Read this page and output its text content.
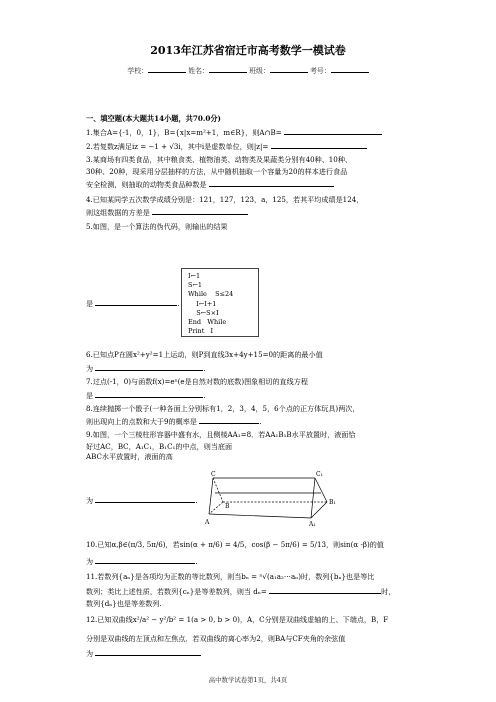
2013年江苏省宿迁市高考数学一模试卷
学校：	姓名：	班级：	考号：
一、填空题(本大题共14小题，共70.0分)
1.集合A={-1，0，1}，B={x|x=m²+1，m∈R}，则A∩B=
2.若复数z满足iz = −1 + √3i，其中i是虚数单位，则|z|=
3.某商场有四类食品，其中粮食类、植物油类、动物类及果蔬类分别有40种、10种、
30种、20种，现采用分层抽样的方法，从中随机抽取一个容量为20的样本进行食品
安全检测，则抽取的动物类食品种数是
4.已知某同学五次数学成绩分别是：121，127，123，a，125，若其平均成绩是124，
则这组数据的方差是
5.如图，是一个算法的伪代码，则输出的结果
I←1
S←1
While    S≤24
I←I+1
S←S×I
End   While
Print   I
是	.
6.已知点P在圆x²+y²=1上运动，则P到直线3x+4y+15=0的距离的最小值
为	.
7.过点(-1，0)与函数f(x)=eˣ(e是自然对数的底数)图象相切的直线方程
是	.
8.连续抛掷一个骰子(一种各面上分别标有1，2，3，4，5，6个点的正方体玩具)两次，
则出现向上的点数和大于9的概率是	.
9.如图，一个三棱柱形容器中盛有水，且侧棱AA₁=8．若AA₁B₁B水平放置时，液面恰
好过AC，BC，A₁C₁，B₁C₁的中点，则当底面ABC水平放置时，液面的高
为	.
C	C₁
B
B₁
A	A₁
10.已知α,β∈(π/3, 5π/6)，若sin(α + π/6) = 4/5，cos(β − 5π/6) = 5/13，则sin(α -β)的值
为	.
11.若数列{aₙ}是各项均为正数的等比数列，则当bₙ = ⁿ√(a₁a₂⋯aₙ)时，数列{bₙ}也是等比
数列；类比上述性质，若数列{cₙ}是等差数列，则当 dₙ=	时，
数列{dₙ}也是等差数列.
12.已知双曲线x²/a² − y²/b² = 1(a > 0, b > 0)，A，C分别是双曲线虚轴的上、下端点，B，F
分别是双曲线的左顶点和左焦点．若双曲线的离心率为2，则BA与CF夹角的余弦值
为
高中数学试卷第1页，共4页
